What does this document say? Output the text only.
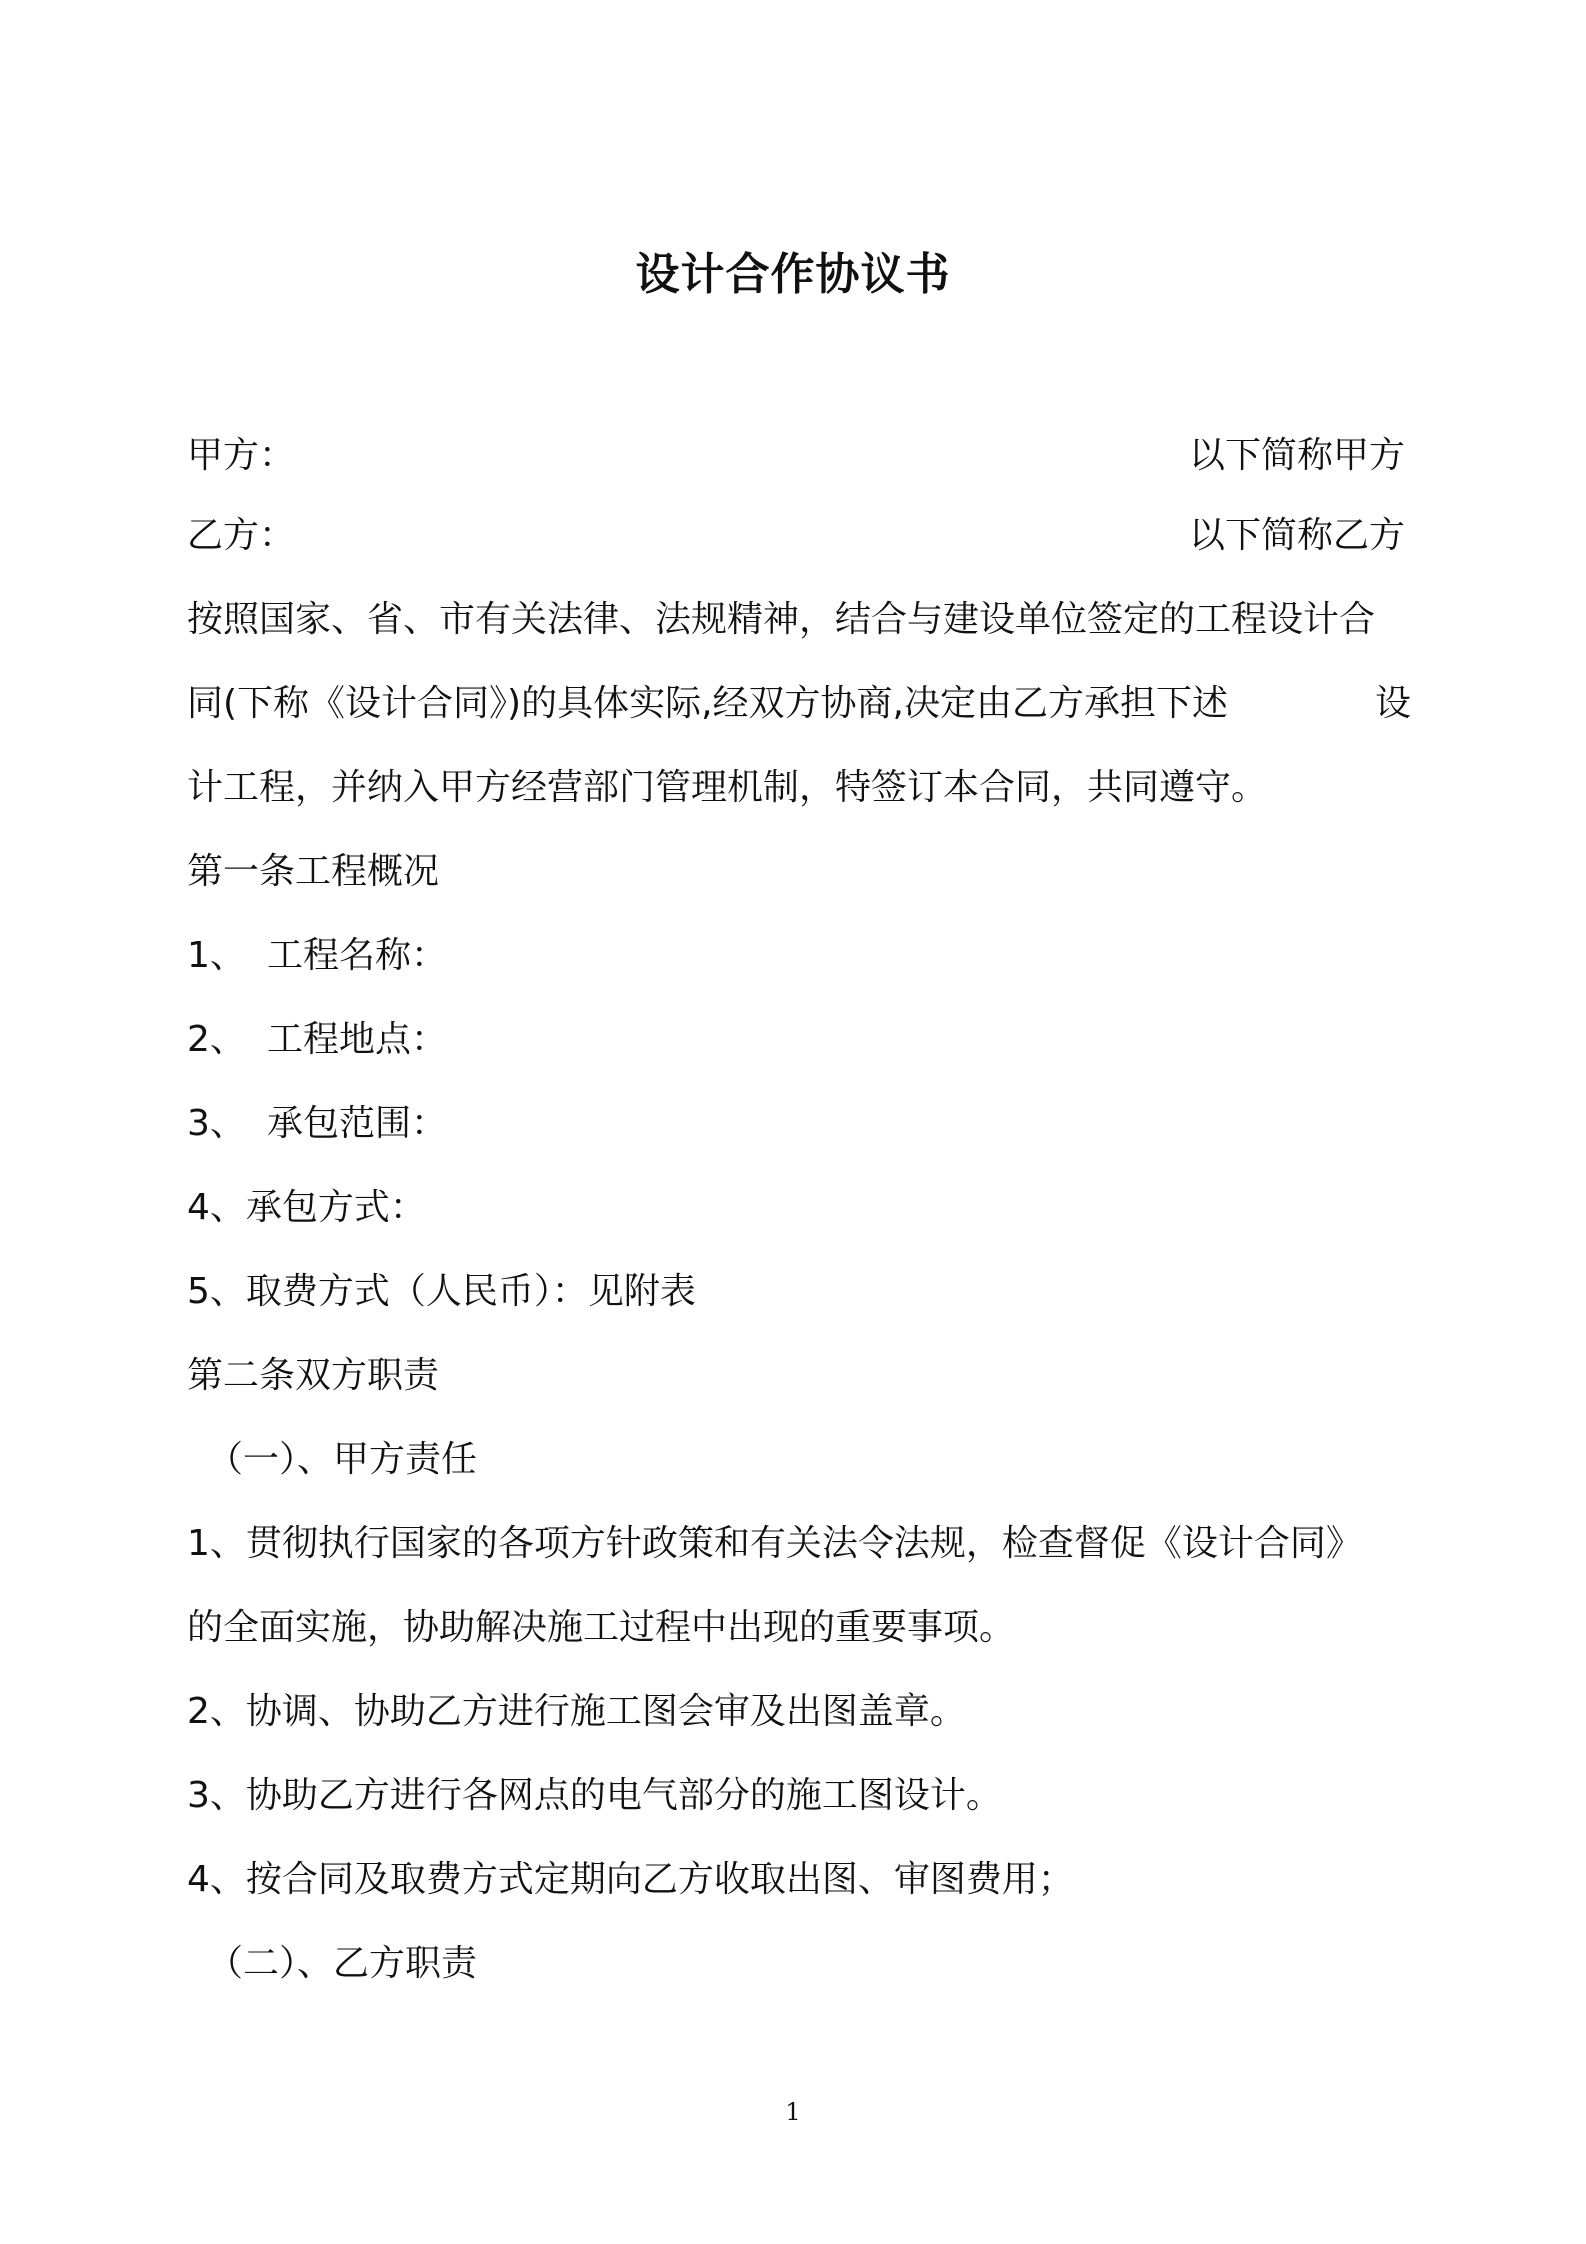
设计合作协议书
甲方：	以下简称甲方
乙方：	以下简称乙方
按照国家、省、市有关法律、法规精神，结合与建设单位签定的工程设计合
同(下称《设计合同》)的具体实际,经双方协商,决定由乙方承担下述	设
计工程，并纳入甲方经营部门管理机制，特签订本合同，共同遵守。
第一条工程概况
1、 工程名称：
2、 工程地点：
3、 承包范围：
4、承包方式：
5、取费方式（人民币）：见附表
第二条双方职责
（一）、甲方责任
1、贯彻执行国家的各项方针政策和有关法令法规，检查督促《设计合同》
的全面实施，协助解决施工过程中出现的重要事项。
2、协调、协助乙方进行施工图会审及出图盖章。
3、协助乙方进行各网点的电气部分的施工图设计。
4、按合同及取费方式定期向乙方收取出图、审图费用；
（二）、乙方职责
1
